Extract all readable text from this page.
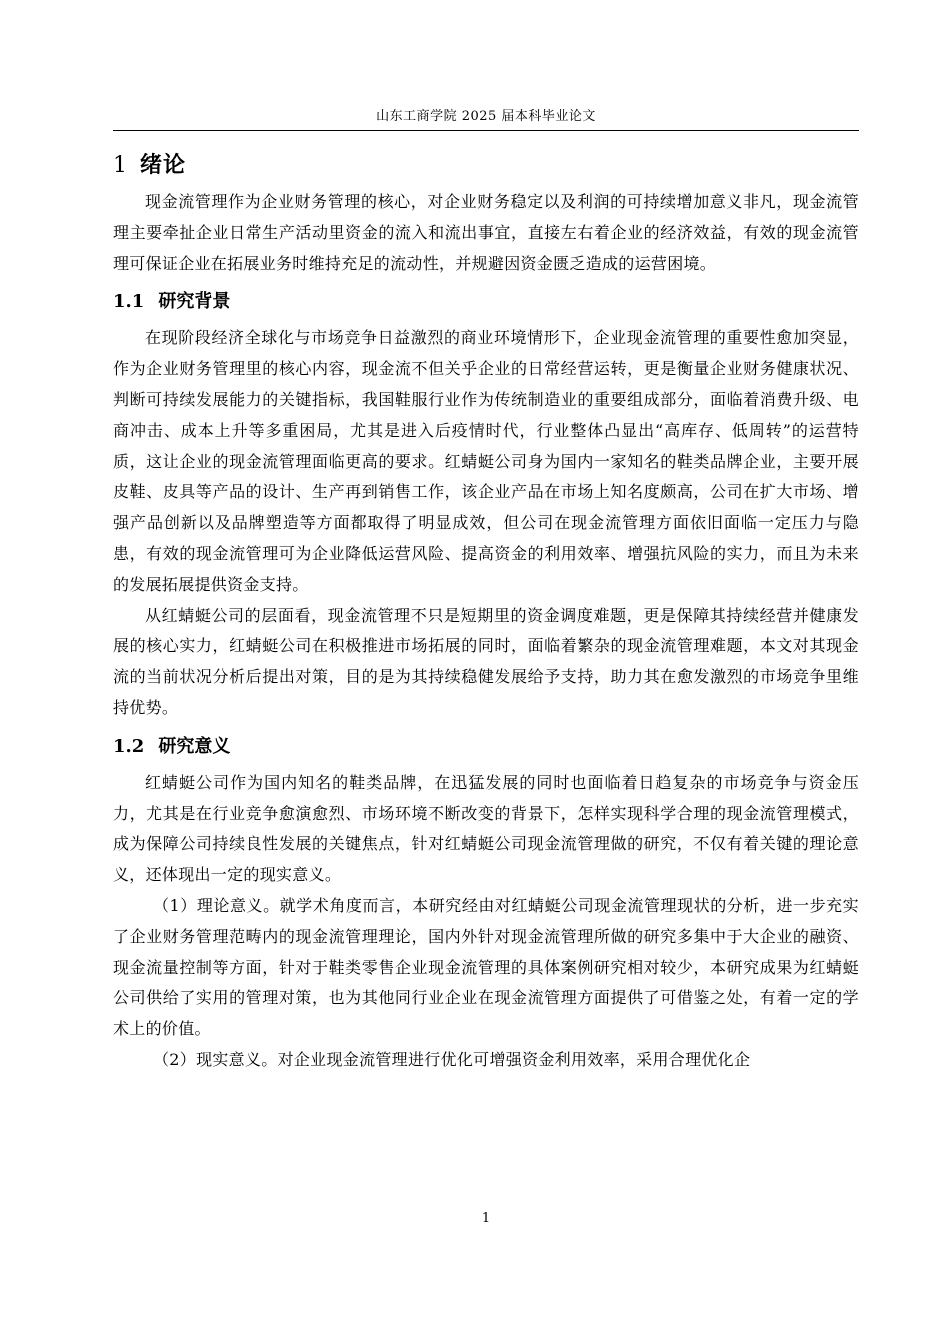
山东工商学院 2025 届本科毕业论文
1 绪论

现金流管理作为企业财务管理的核心，对企业财务稳定以及利润的可持续增加意义非凡，现金流管理主要牵扯企业日常生产活动里资金的流入和流出事宜，直接左右着企业的经济效益，有效的现金流管理可保证企业在拓展业务时维持充足的流动性，并规避因资金匮乏造成的运营困境。

1.1 研究背景

在现阶段经济全球化与市场竞争日益激烈的商业环境情形下，企业现金流管理的重要性愈加突显，作为企业财务管理里的核心内容，现金流不但关乎企业的日常经营运转，更是衡量企业财务健康状况、判断可持续发展能力的关键指标，我国鞋服行业作为传统制造业的重要组成部分，面临着消费升级、电商冲击、成本上升等多重困局，尤其是进入后疫情时代，行业整体凸显出“高库存、低周转”的运营特质，这让企业的现金流管理面临更高的要求。红蜻蜓公司身为国内一家知名的鞋类品牌企业，主要开展皮鞋、皮具等产品的设计、生产再到销售工作，该企业产品在市场上知名度颇高，公司在扩大市场、增强产品创新以及品牌塑造等方面都取得了明显成效，但公司在现金流管理方面依旧面临一定压力与隐患，有效的现金流管理可为企业降低运营风险、提高资金的利用效率、增强抗风险的实力，而且为未来的发展拓展提供资金支持。

从红蜻蜓公司的层面看，现金流管理不只是短期里的资金调度难题，更是保障其持续经营并健康发展的核心实力，红蜻蜓公司在积极推进市场拓展的同时，面临着繁杂的现金流管理难题，本文对其现金流的当前状况分析后提出对策，目的是为其持续稳健发展给予支持，助力其在愈发激烈的市场竞争里维持优势。

1.2 研究意义

红蜻蜓公司作为国内知名的鞋类品牌，在迅猛发展的同时也面临着日趋复杂的市场竞争与资金压力，尤其是在行业竞争愈演愈烈、市场环境不断改变的背景下，怎样实现科学合理的现金流管理模式，成为保障公司持续良性发展的关键焦点，针对红蜻蜓公司现金流管理做的研究，不仅有着关键的理论意义，还体现出一定的现实意义。

（1）理论意义。就学术角度而言，本研究经由对红蜻蜓公司现金流管理现状的分析，进一步充实了企业财务管理范畴内的现金流管理理论，国内外针对现金流管理所做的研究多集中于大企业的融资、现金流量控制等方面，针对于鞋类零售企业现金流管理的具体案例研究相对较少，本研究成果为红蜻蜓公司供给了实用的管理对策，也为其他同行业企业在现金流管理方面提供了可借鉴之处，有着一定的学术上的价值。

（2）现实意义。对企业现金流管理进行优化可增强资金利用效率，采用合理优化企

1
